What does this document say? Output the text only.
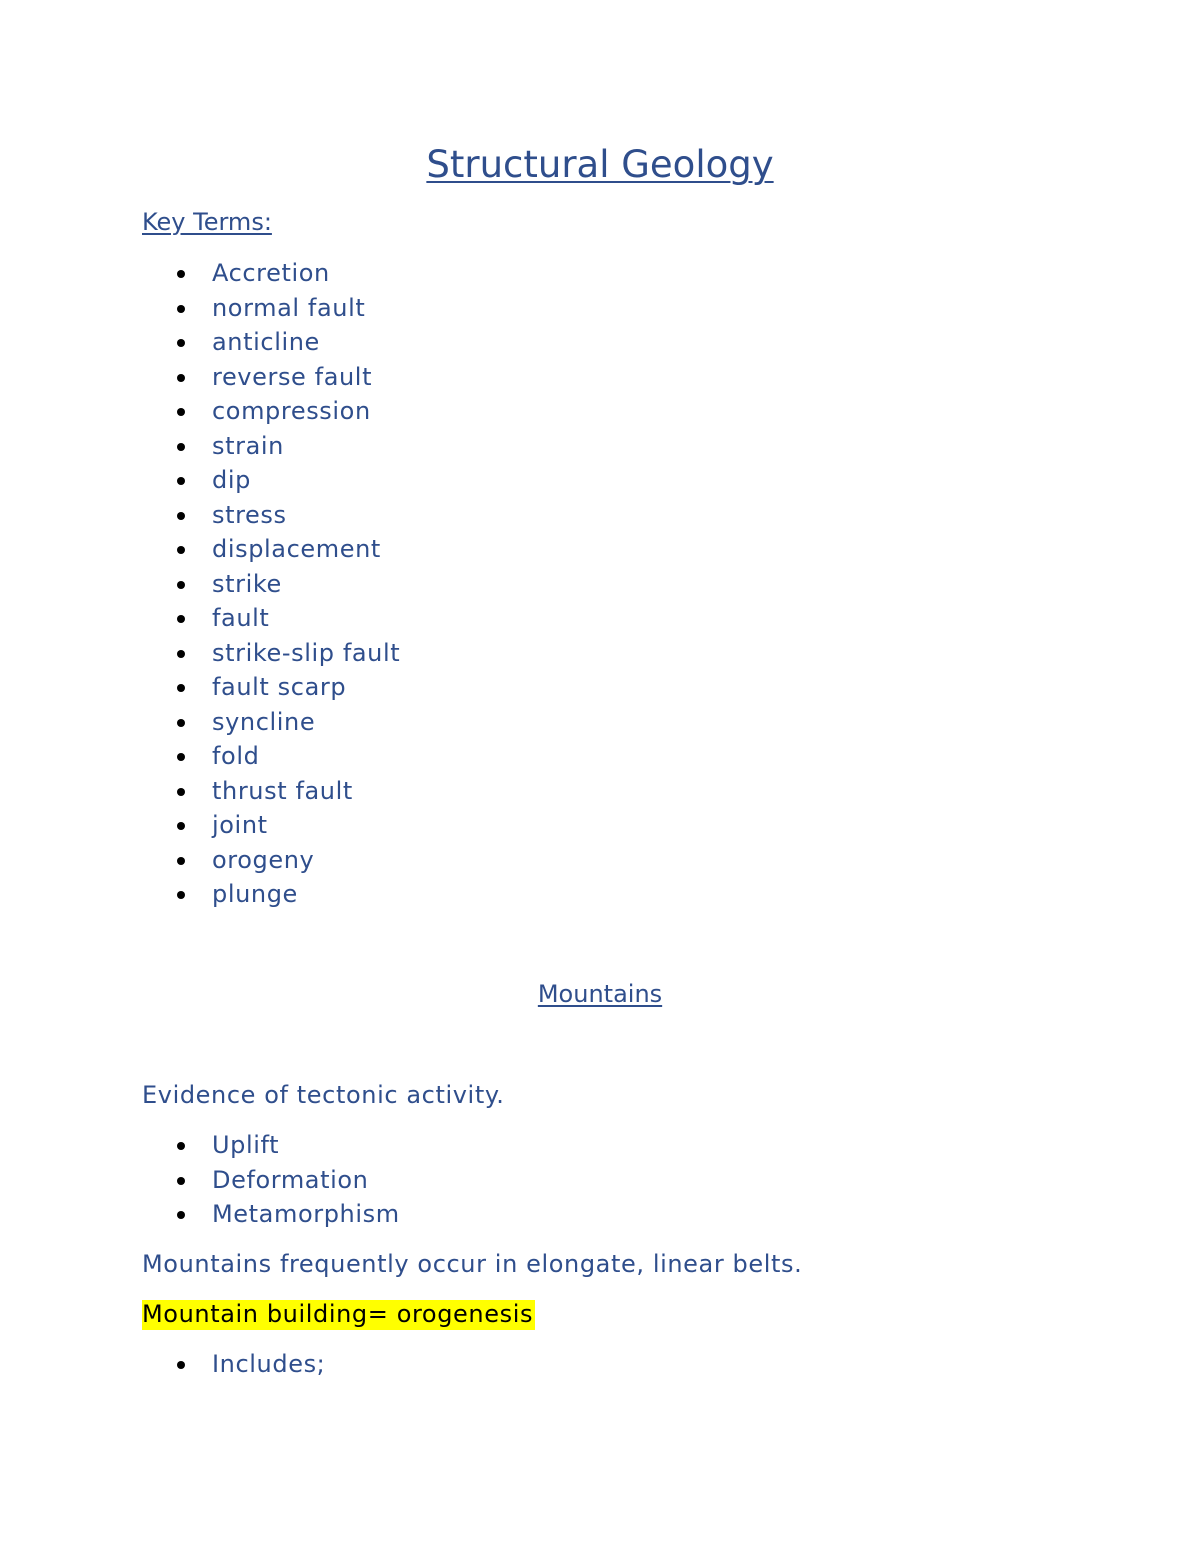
Structural Geology
Key Terms:
Accretion
normal fault
anticline
reverse fault
compression
strain
dip
stress
displacement
strike
fault
strike-slip fault
fault scarp
syncline
fold
thrust fault
joint
orogeny
plunge
Mountains
Evidence of tectonic activity.
Uplift
Deformation
Metamorphism
Mountains frequently occur in elongate, linear belts.
Mountain building= orogenesis
Includes;
